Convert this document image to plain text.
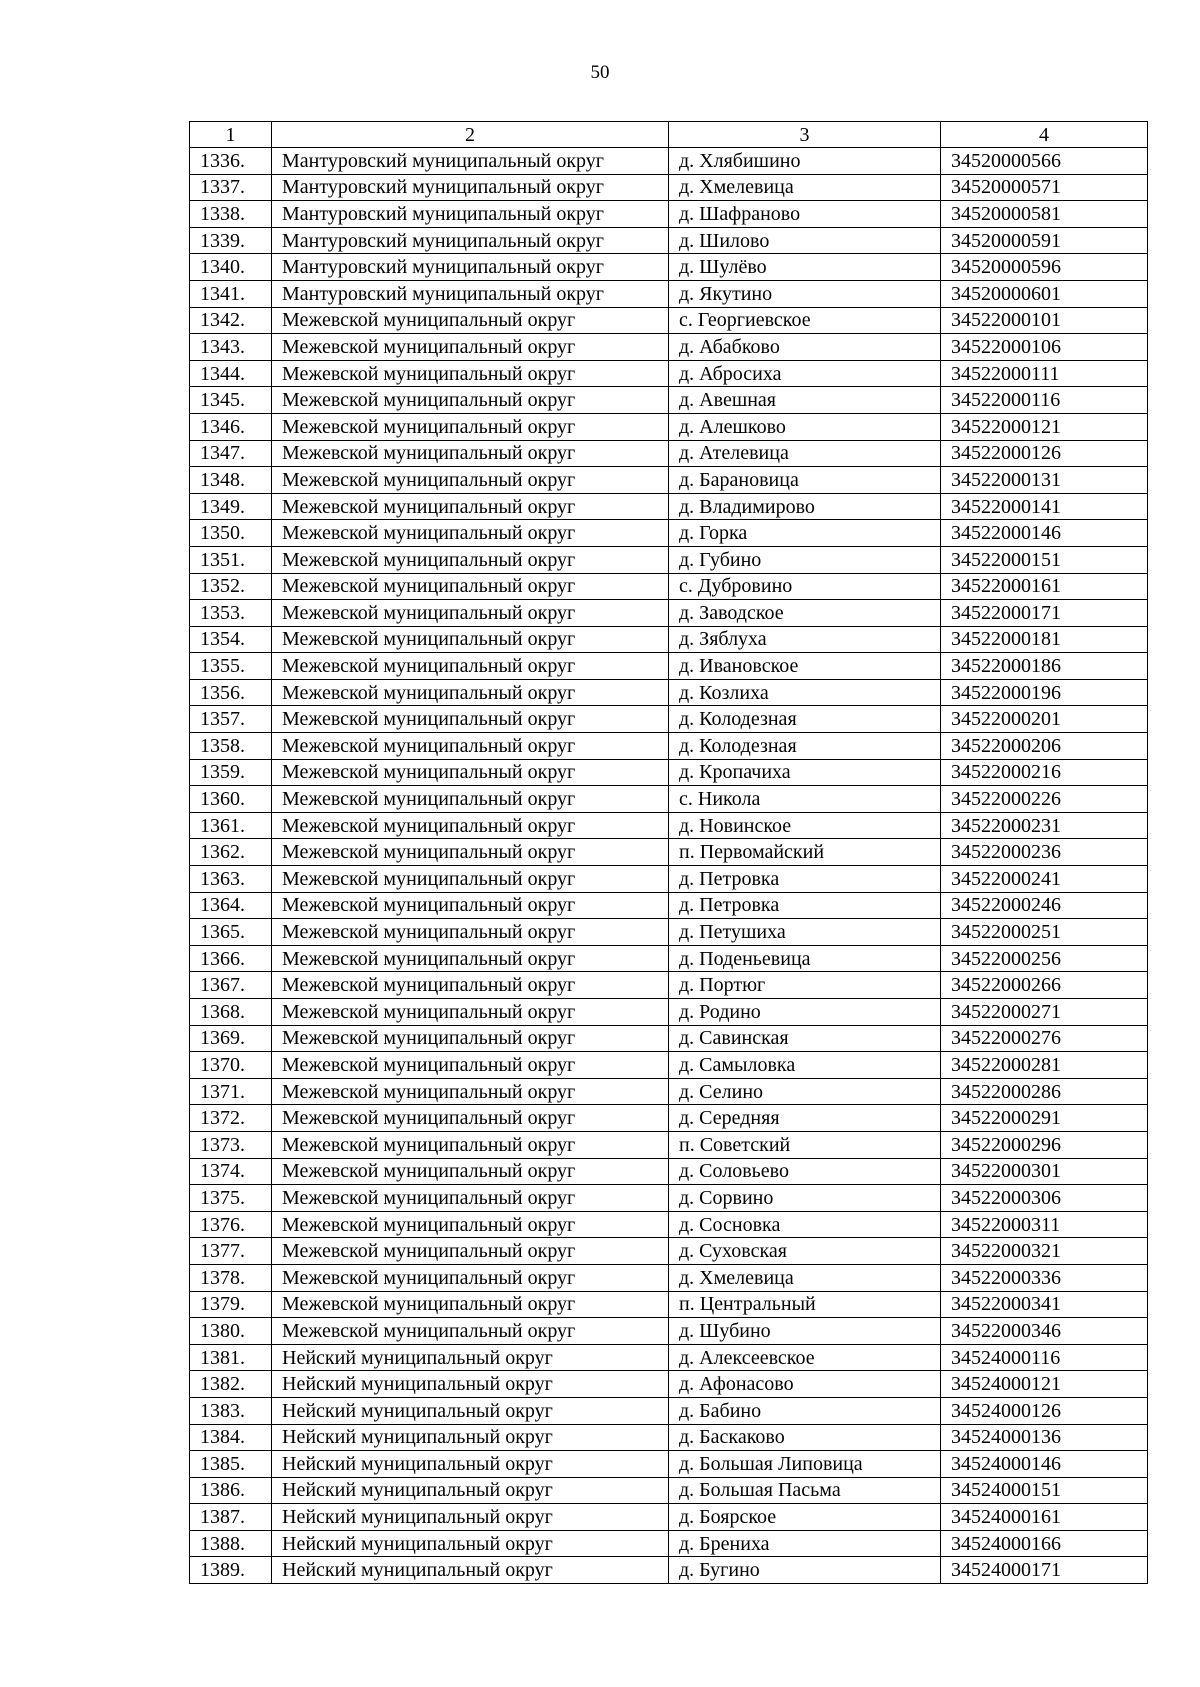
50
1	2	3	4
1336.	Мантуровский муниципальный округ	д. Хлябишино	34520000566
1337.	Мантуровский муниципальный округ	д. Хмелевица	34520000571
1338.	Мантуровский муниципальный округ	д. Шафраново	34520000581
1339.	Мантуровский муниципальный округ	д. Шилово	34520000591
1340.	Мантуровский муниципальный округ	д. Шулёво	34520000596
1341.	Мантуровский муниципальный округ	д. Якутино	34520000601
1342.	Межевской муниципальный округ	с. Георгиевское	34522000101
1343.	Межевской муниципальный округ	д. Абабково	34522000106
1344.	Межевской муниципальный округ	д. Абросиха	34522000111
1345.	Межевской муниципальный округ	д. Авешная	34522000116
1346.	Межевской муниципальный округ	д. Алешково	34522000121
1347.	Межевской муниципальный округ	д. Ателевица	34522000126
1348.	Межевской муниципальный округ	д. Барановица	34522000131
1349.	Межевской муниципальный округ	д. Владимирово	34522000141
1350.	Межевской муниципальный округ	д. Горка	34522000146
1351.	Межевской муниципальный округ	д. Губино	34522000151
1352.	Межевской муниципальный округ	с. Дубровино	34522000161
1353.	Межевской муниципальный округ	д. Заводское	34522000171
1354.	Межевской муниципальный округ	д. Зяблуха	34522000181
1355.	Межевской муниципальный округ	д. Ивановское	34522000186
1356.	Межевской муниципальный округ	д. Козлиха	34522000196
1357.	Межевской муниципальный округ	д. Колодезная	34522000201
1358.	Межевской муниципальный округ	д. Колодезная	34522000206
1359.	Межевской муниципальный округ	д. Кропачиха	34522000216
1360.	Межевской муниципальный округ	с. Никола	34522000226
1361.	Межевской муниципальный округ	д. Новинское	34522000231
1362.	Межевской муниципальный округ	п. Первомайский	34522000236
1363.	Межевской муниципальный округ	д. Петровка	34522000241
1364.	Межевской муниципальный округ	д. Петровка	34522000246
1365.	Межевской муниципальный округ	д. Петушиха	34522000251
1366.	Межевской муниципальный округ	д. Поденьевица	34522000256
1367.	Межевской муниципальный округ	д. Портюг	34522000266
1368.	Межевской муниципальный округ	д. Родино	34522000271
1369.	Межевской муниципальный округ	д. Савинская	34522000276
1370.	Межевской муниципальный округ	д. Самыловка	34522000281
1371.	Межевской муниципальный округ	д. Селино	34522000286
1372.	Межевской муниципальный округ	д. Середняя	34522000291
1373.	Межевской муниципальный округ	п. Советский	34522000296
1374.	Межевской муниципальный округ	д. Соловьево	34522000301
1375.	Межевской муниципальный округ	д. Сорвино	34522000306
1376.	Межевской муниципальный округ	д. Сосновка	34522000311
1377.	Межевской муниципальный округ	д. Суховская	34522000321
1378.	Межевской муниципальный округ	д. Хмелевица	34522000336
1379.	Межевской муниципальный округ	п. Центральный	34522000341
1380.	Межевской муниципальный округ	д. Шубино	34522000346
1381.	Нейский муниципальный округ	д. Алексеевское	34524000116
1382.	Нейский муниципальный округ	д. Афонасово	34524000121
1383.	Нейский муниципальный округ	д. Бабино	34524000126
1384.	Нейский муниципальный округ	д. Баскаково	34524000136
1385.	Нейский муниципальный округ	д. Большая Липовица	34524000146
1386.	Нейский муниципальный округ	д. Большая Пасьма	34524000151
1387.	Нейский муниципальный округ	д. Боярское	34524000161
1388.	Нейский муниципальный округ	д. Брениха	34524000166
1389.	Нейский муниципальный округ	д. Бугино	34524000171
